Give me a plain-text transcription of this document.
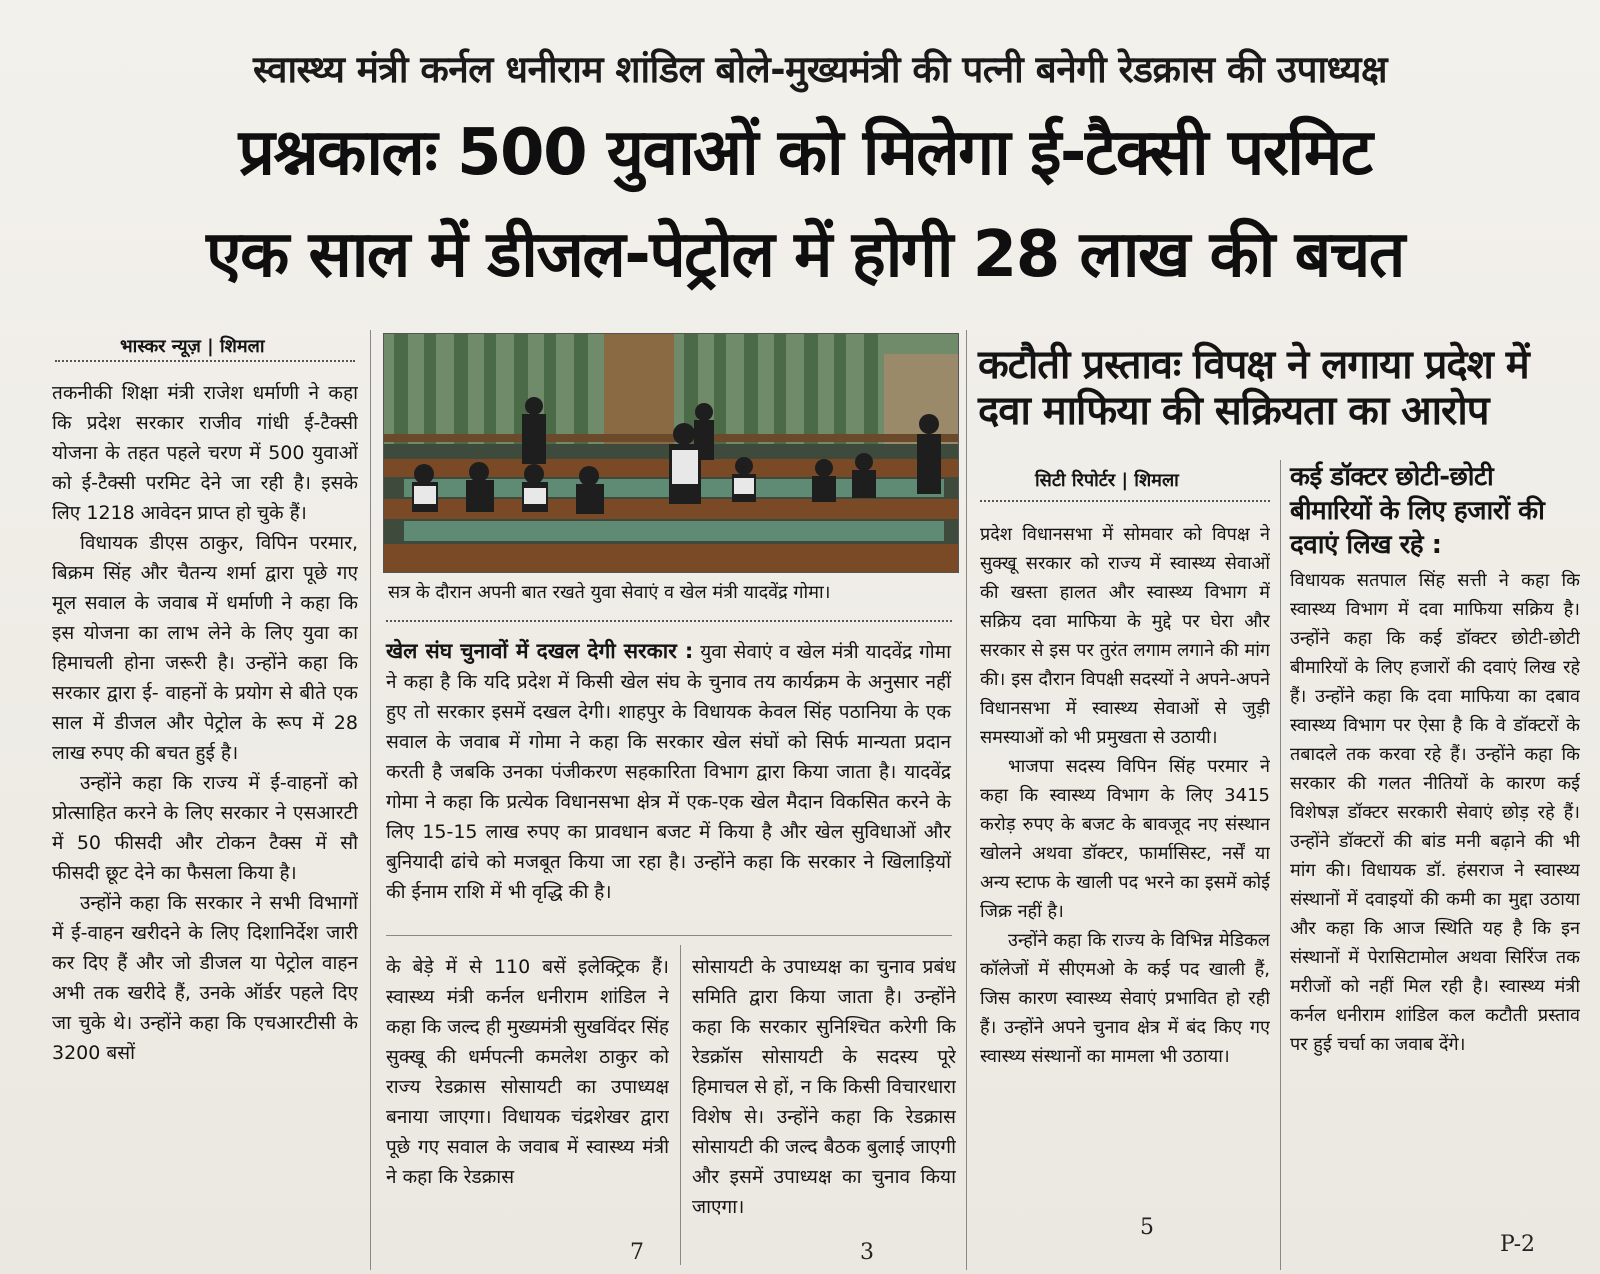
स्वास्थ्य मंत्री कर्नल धनीराम शांडिल बोले-मुख्यमंत्री की पत्नी बनेगी रेडक्रास की उपाध्यक्ष
प्रश्नकालः 500 युवाओं को मिलेगा ई-टैक्सी परमिट
एक साल में डीजल-पेट्रोल में होगी 28 लाख की बचत
भास्कर न्यूज़ | शिमला

तकनीकी शिक्षा मंत्री राजेश धर्माणी ने कहा कि प्रदेश सरकार राजीव गांधी ई-टैक्सी योजना के तहत पहले चरण में 500 युवाओं को ई-टैक्सी परमिट देने जा रही है। इसके लिए 1218 आवेदन प्राप्त हो चुके हैं।

विधायक डीएस ठाकुर, विपिन परमार, बिक्रम सिंह और चैतन्य शर्मा द्वारा पूछे गए मूल सवाल के जवाब में धर्माणी ने कहा कि इस योजना का लाभ लेने के लिए युवा का हिमाचली होना जरूरी है। उन्होंने कहा कि सरकार द्वारा ई- वाहनों के प्रयोग से बीते एक साल में डीजल और पेट्रोल के रूप में 28 लाख रुपए की बचत हुई है।

उन्होंने कहा कि राज्य में ई-वाहनों को प्रोत्साहित करने के लिए सरकार ने एसआरटी में 50 फीसदी और टोकन टैक्स में सौ फीसदी छूट देने का फैसला किया है।

उन्होंने कहा कि सरकार ने सभी विभागों में ई-वाहन खरीदने के लिए दिशानिर्देश जारी कर दिए हैं और जो डीजल या पेट्रोल वाहन अभी तक खरीदे हैं, उनके ऑर्डर पहले दिए जा चुके थे। उन्होंने कहा कि एचआरटीसी के 3200 बसों

सत्र के दौरान अपनी बात रखते युवा सेवाएं व खेल मंत्री यादवेंद्र गोमा।

खेल संघ चुनावों में दखल देगी सरकार : युवा सेवाएं व खेल मंत्री यादवेंद्र गोमा ने कहा है कि यदि प्रदेश में किसी खेल संघ के चुनाव तय कार्यक्रम के अनुसार नहीं हुए तो सरकार इसमें दखल देगी। शाहपुर के विधायक केवल सिंह पठानिया के एक सवाल के जवाब में गोमा ने कहा कि सरकार खेल संघों को सिर्फ मान्यता प्रदान करती है जबकि उनका पंजीकरण सहकारिता विभाग द्वारा किया जाता है। यादवेंद्र गोमा ने कहा कि प्रत्येक विधानसभा क्षेत्र में एक-एक खेल मैदान विकसित करने के लिए 15-15 लाख रुपए का प्रावधान बजट में किया है और खेल सुविधाओं और बुनियादी ढांचे को मजबूत किया जा रहा है। उन्होंने कहा कि सरकार ने खिलाड़ियों की ईनाम राशि में भी वृद्धि की है।

के बेड़े में से 110 बसें इलेक्ट्रिक हैं। स्वास्थ्य मंत्री कर्नल धनीराम शांडिल ने कहा कि जल्द ही मुख्यमंत्री सुखविंदर सिंह सुक्खू की धर्मपत्नी कमलेश ठाकुर को राज्य रेडक्रास सोसायटी का उपाध्यक्ष बनाया जाएगा। विधायक चंद्रशेखर द्वारा पूछे गए सवाल के जवाब में स्वास्थ्य मंत्री ने कहा कि रेडक्रास

सोसायटी के उपाध्यक्ष का चुनाव प्रबंध समिति द्वारा किया जाता है। उन्होंने कहा कि सरकार सुनिश्चित करेगी कि रेडक्रॉस सोसायटी के सदस्य पूरे हिमाचल से हों, न कि किसी विचारधारा विशेष से। उन्होंने कहा कि रेडक्रास सोसायटी की जल्द बैठक बुलाई जाएगी और इसमें उपाध्यक्ष का चुनाव किया जाएगा।

कटौती प्रस्तावः विपक्ष ने लगाया प्रदेश में दवा माफिया की सक्रियता का आरोप
सिटी रिपोर्टर | शिमला

प्रदेश विधानसभा में सोमवार को विपक्ष ने सुक्खू सरकार को राज्य में स्वास्थ्य सेवाओं की खस्ता हालत और स्वास्थ्य विभाग में सक्रिय दवा माफिया के मुद्दे पर घेरा और सरकार से इस पर तुरंत लगाम लगाने की मांग की। इस दौरान विपक्षी सदस्यों ने अपने-अपने विधानसभा में स्वास्थ्य सेवाओं से जुड़ी समस्याओं को भी प्रमुखता से उठायी।

भाजपा सदस्य विपिन सिंह परमार ने कहा कि स्वास्थ्य विभाग के लिए 3415 करोड़ रुपए के बजट के बावजूद नए संस्थान खोलने अथवा डॉक्टर, फार्मासिस्ट, नर्सें या अन्य स्टाफ के खाली पद भरने का इसमें कोई जिक्र नहीं है।

उन्होंने कहा कि राज्य के विभिन्न मेडिकल कॉलेजों में सीएमओ के कई पद खाली हैं, जिस कारण स्वास्थ्य सेवाएं प्रभावित हो रही हैं। उन्होंने अपने चुनाव क्षेत्र में बंद किए गए स्वास्थ्य संस्थानों का मामला भी उठाया।

कई डॉक्टर छोटी-छोटी बीमारियों के लिए हजारों की दवाएं लिख रहे :

विधायक सतपाल सिंह सत्ती ने कहा कि स्वास्थ्य विभाग में दवा माफिया सक्रिय है। उन्होंने कहा कि कई डॉक्टर छोटी-छोटी बीमारियों के लिए हजारों की दवाएं लिख रहे हैं। उन्होंने कहा कि दवा माफिया का दबाव स्वास्थ्य विभाग पर ऐसा है कि वे डॉक्टरों के तबादले तक करवा रहे हैं। उन्होंने कहा कि सरकार की गलत नीतियों के कारण कई विशेषज्ञ डॉक्टर सरकारी सेवाएं छोड़ रहे हैं। उन्होंने डॉक्टरों की बांड मनी बढ़ाने की भी मांग की। विधायक डॉ. हंसराज ने स्वास्थ्य संस्थानों में दवाइयों की कमी का मुद्दा उठाया और कहा कि आज स्थिति यह है कि इन संस्थानों में पेरासिटामोल अथवा सिरिंज तक मरीजों को नहीं मिल रही है। स्वास्थ्य मंत्री कर्नल धनीराम शांडिल कल कटौती प्रस्ताव पर हुई चर्चा का जवाब देंगे।

5
3
7	P-2
